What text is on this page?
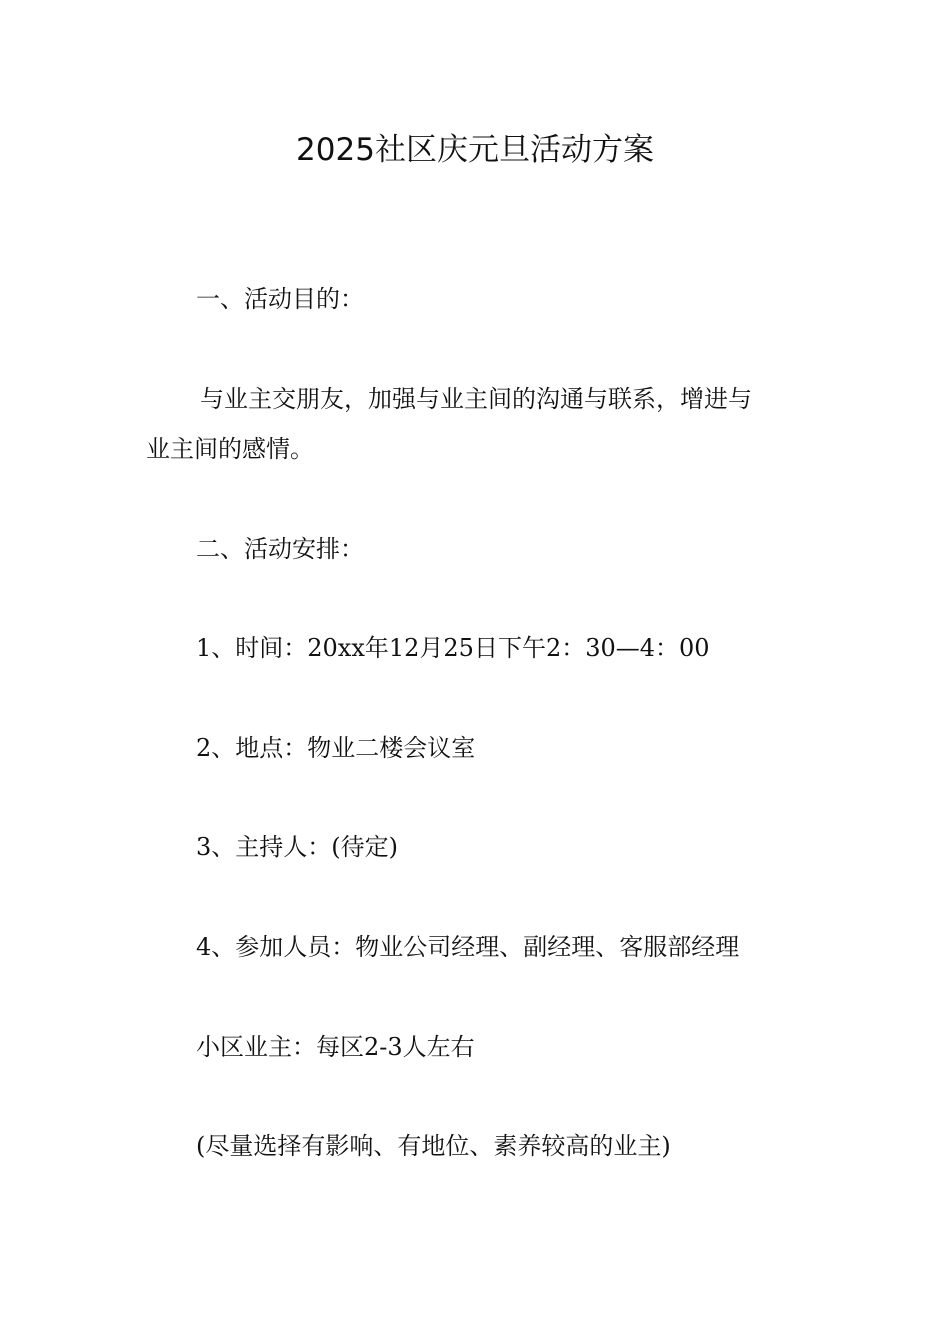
2025社区庆元旦活动方案

一、活动目的：

与业主交朋友，加强与业主间的沟通与联系，增进与

业主间的感情。

二、活动安排：

1、时间：20xx年12月25日下午2：30—4：00

2、地点：物业二楼会议室

3、主持人：(待定)

4、参加人员：物业公司经理、副经理、客服部经理

小区业主：每区2-3人左右

(尽量选择有影响、有地位、素养较高的业主)
